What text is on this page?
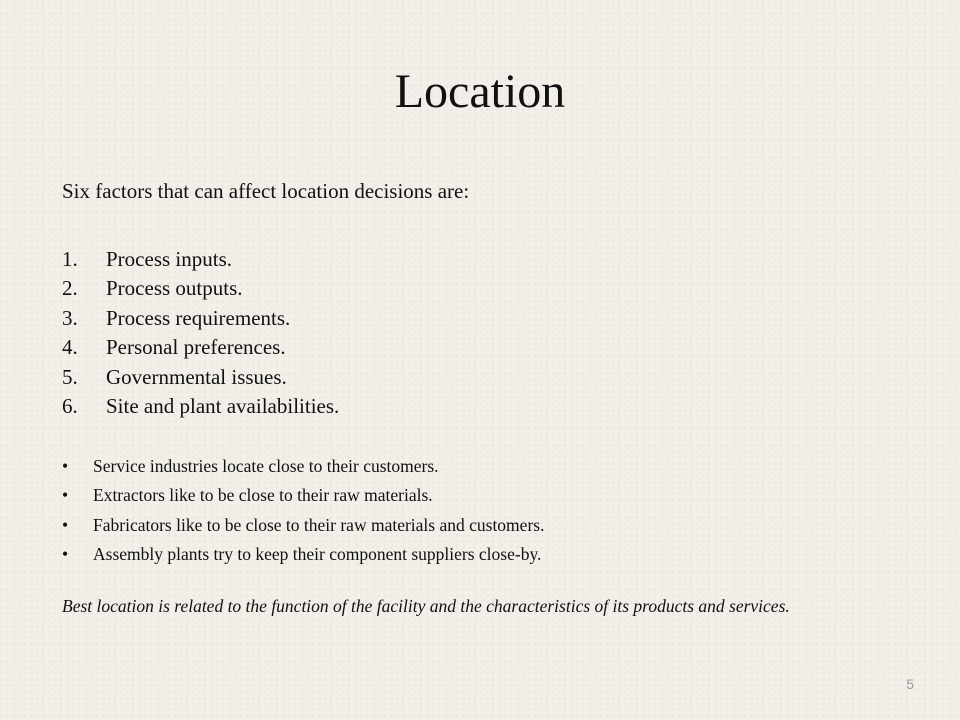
Location
Six factors that can affect location decisions are:
1. Process inputs.
2. Process outputs.
3. Process requirements.
4. Personal preferences.
5. Governmental issues.
6. Site and plant availabilities.
• Service industries locate close to their customers.
• Extractors like to be close to their raw materials.
• Fabricators like to be close to their raw materials and customers.
• Assembly plants try to keep their component suppliers close-by.
Best location is related to the function of the facility and the characteristics of its products and services.
5
